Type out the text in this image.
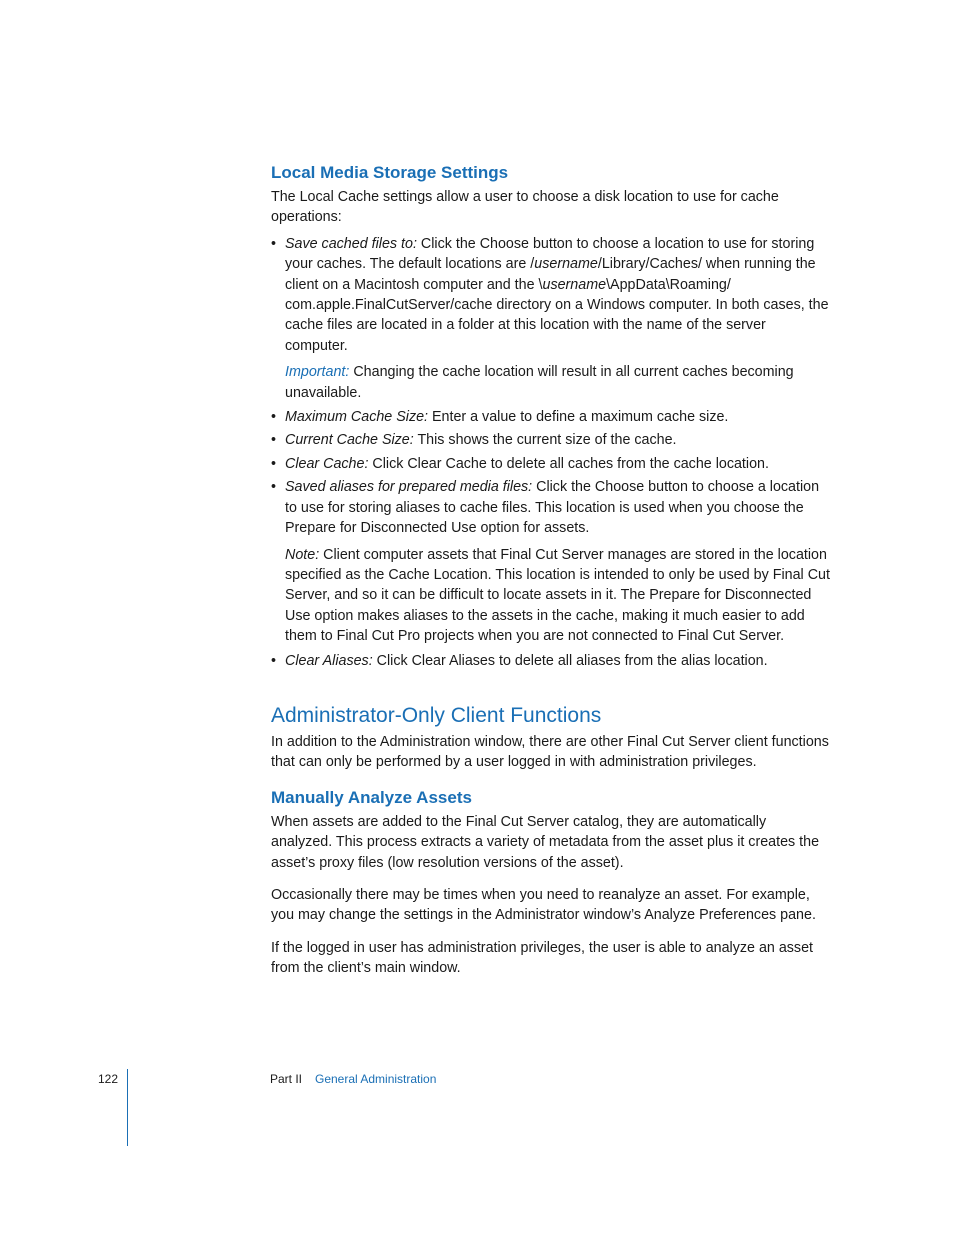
Local Media Storage Settings

The Local Cache settings allow a user to choose a disk location to use for cache operations:

• Save cached files to: Click the Choose button to choose a location to use for storing your caches. The default locations are /username/Library/Caches/ when running the client on a Macintosh computer and the \username\AppData\Roaming/ com.apple.FinalCutServer/cache directory on a Windows computer. In both cases, the cache files are located in a folder at this location with the name of the server computer.

Important: Changing the cache location will result in all current caches becoming unavailable.

• Maximum Cache Size: Enter a value to define a maximum cache size.
• Current Cache Size: This shows the current size of the cache.
• Clear Cache: Click Clear Cache to delete all caches from the cache location.
• Saved aliases for prepared media files: Click the Choose button to choose a location to use for storing aliases to cache files. This location is used when you choose the Prepare for Disconnected Use option for assets.

Note: Client computer assets that Final Cut Server manages are stored in the location specified as the Cache Location. This location is intended to only be used by Final Cut Server, and so it can be difficult to locate assets in it. The Prepare for Disconnected Use option makes aliases to the assets in the cache, making it much easier to add them to Final Cut Pro projects when you are not connected to Final Cut Server.

• Clear Aliases: Click Clear Aliases to delete all aliases from the alias location.
Administrator-Only Client Functions

In addition to the Administration window, there are other Final Cut Server client functions that can only be performed by a user logged in with administration privileges.

Manually Analyze Assets

When assets are added to the Final Cut Server catalog, they are automatically analyzed. This process extracts a variety of metadata from the asset plus it creates the asset’s proxy files (low resolution versions of the asset).

Occasionally there may be times when you need to reanalyze an asset. For example, you may change the settings in the Administrator window’s Analyze Preferences pane.

If the logged in user has administration privileges, the user is able to analyze an asset from the client’s main window.

122	Part II General Administration
